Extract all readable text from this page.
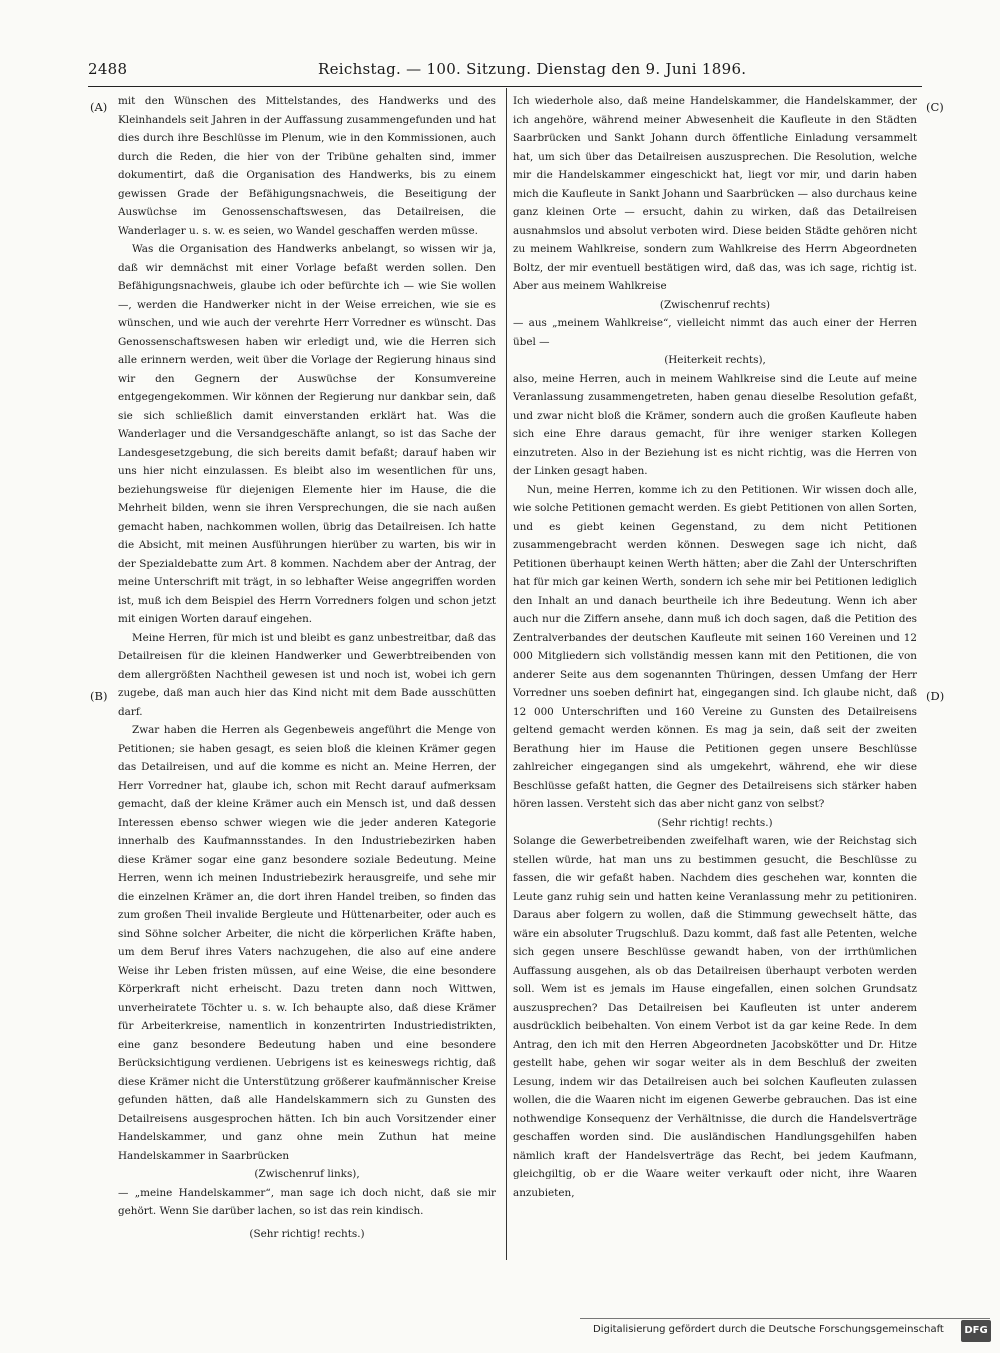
2488	Reichstag. — 100. Sitzung. Dienstag den 9. Juni 1896.
(A)
(B)
(C)
(D)

mit den Wünschen des Mittelstandes, des Handwerks und des Kleinhandels seit Jahren in der Auffassung zusammengefunden und hat dies durch ihre Beschlüsse im Plenum, wie in den Kommissionen, auch durch die Reden, die hier von der Tribüne gehalten sind, immer dokumentirt, daß die Organisation des Handwerks, bis zu einem gewissen Grade der Befähigungsnachweis, die Beseitigung der Auswüchse im Genossenschaftswesen, das Detailreisen, die Wanderlager u. s. w. es seien, wo Wandel geschaffen werden müsse.

Was die Organisation des Handwerks anbelangt, so wissen wir ja, daß wir demnächst mit einer Vorlage befaßt werden sollen. Den Befähigungsnachweis, glaube ich oder befürchte ich — wie Sie wollen —, werden die Handwerker nicht in der Weise erreichen, wie sie es wünschen, und wie auch der verehrte Herr Vorredner es wünscht. Das Genossenschaftswesen haben wir erledigt und, wie die Herren sich alle erinnern werden, weit über die Vorlage der Regierung hinaus sind wir den Gegnern der Auswüchse der Konsumvereine entgegengekommen. Wir können der Regierung nur dankbar sein, daß sie sich schließlich damit einverstanden erklärt hat. Was die Wanderlager und die Versandgeschäfte anlangt, so ist das Sache der Landesgesetzgebung, die sich bereits damit befaßt; darauf haben wir uns hier nicht einzulassen. Es bleibt also im wesentlichen für uns, beziehungsweise für diejenigen Elemente hier im Hause, die die Mehrheit bilden, wenn sie ihren Versprechungen, die sie nach außen gemacht haben, nachkommen wollen, übrig das Detailreisen. Ich hatte die Absicht, mit meinen Ausführungen hierüber zu warten, bis wir in der Spezialdebatte zum Art. 8 kommen. Nachdem aber der Antrag, der meine Unterschrift mit trägt, in so lebhafter Weise angegriffen worden ist, muß ich dem Beispiel des Herrn Vorredners folgen und schon jetzt mit einigen Worten darauf eingehen.

Meine Herren, für mich ist und bleibt es ganz unbestreitbar, daß das Detailreisen für die kleinen Handwerker und Gewerbtreibenden von dem allergrößten Nachtheil gewesen ist und noch ist, wobei ich gern zugebe, daß man auch hier das Kind nicht mit dem Bade ausschütten darf.

Zwar haben die Herren als Gegenbeweis angeführt die Menge von Petitionen; sie haben gesagt, es seien bloß die kleinen Krämer gegen das Detailreisen, und auf die komme es nicht an. Meine Herren, der Herr Vorredner hat, glaube ich, schon mit Recht darauf aufmerksam gemacht, daß der kleine Krämer auch ein Mensch ist, und daß dessen Interessen ebenso schwer wiegen wie die jeder anderen Kategorie innerhalb des Kaufmannsstandes. In den Industriebezirken haben diese Krämer sogar eine ganz besondere soziale Bedeutung. Meine Herren, wenn ich meinen Industriebezirk herausgreife, und sehe mir die einzelnen Krämer an, die dort ihren Handel treiben, so finden das zum großen Theil invalide Bergleute und Hüttenarbeiter, oder auch es sind Söhne solcher Arbeiter, die nicht die körperlichen Kräfte haben, um dem Beruf ihres Vaters nachzugehen, die also auf eine andere Weise ihr Leben fristen müssen, auf eine Weise, die eine besondere Körperkraft nicht erheischt. Dazu treten dann noch Wittwen, unverheiratete Töchter u. s. w. Ich behaupte also, daß diese Krämer für Arbeiterkreise, namentlich in konzentrirten Industriedistrikten, eine ganz besondere Bedeutung haben und eine besondere Berücksichtigung verdienen. Uebrigens ist es keineswegs richtig, daß diese Krämer nicht die Unterstützung größerer kaufmännischer Kreise gefunden hätten, daß alle Handelskammern sich zu Gunsten des Detailreisens ausgesprochen hätten. Ich bin auch Vorsitzender einer Handelskammer, und ganz ohne mein Zuthun hat meine Handelskammer in Saarbrücken

(Zwischenruf links),

— „meine Handelskammer“, man sage ich doch nicht, daß sie mir gehört. Wenn Sie darüber lachen, so ist das rein kindisch.

(Sehr richtig! rechts.)

Ich wiederhole also, daß meine Handelskammer, die Handelskammer, der ich angehöre, während meiner Abwesenheit die Kaufleute in den Städten Saarbrücken und Sankt Johann durch öffentliche Einladung versammelt hat, um sich über das Detailreisen auszusprechen. Die Resolution, welche mir die Handelskammer eingeschickt hat, liegt vor mir, und darin haben mich die Kaufleute in Sankt Johann und Saarbrücken — also durchaus keine ganz kleinen Orte — ersucht, dahin zu wirken, daß das Detailreisen ausnahmslos und absolut verboten wird. Diese beiden Städte gehören nicht zu meinem Wahlkreise, sondern zum Wahlkreise des Herrn Abgeordneten Boltz, der mir eventuell bestätigen wird, daß das, was ich sage, richtig ist. Aber aus meinem Wahlkreise

(Zwischenruf rechts)

— aus „meinem Wahlkreise“, vielleicht nimmt das auch einer der Herren übel —

(Heiterkeit rechts),

also, meine Herren, auch in meinem Wahlkreise sind die Leute auf meine Veranlassung zusammengetreten, haben genau dieselbe Resolution gefaßt, und zwar nicht bloß die Krämer, sondern auch die großen Kaufleute haben sich eine Ehre daraus gemacht, für ihre weniger starken Kollegen einzutreten. Also in der Beziehung ist es nicht richtig, was die Herren von der Linken gesagt haben.

Nun, meine Herren, komme ich zu den Petitionen. Wir wissen doch alle, wie solche Petitionen gemacht werden. Es giebt Petitionen von allen Sorten, und es giebt keinen Gegenstand, zu dem nicht Petitionen zusammengebracht werden können. Deswegen sage ich nicht, daß Petitionen überhaupt keinen Werth hätten; aber die Zahl der Unterschriften hat für mich gar keinen Werth, sondern ich sehe mir bei Petitionen lediglich den Inhalt an und danach beurtheile ich ihre Bedeutung. Wenn ich aber auch nur die Ziffern ansehe, dann muß ich doch sagen, daß die Petition des Zentralverbandes der deutschen Kaufleute mit seinen 160 Vereinen und 12 000 Mitgliedern sich vollständig messen kann mit den Petitionen, die von anderer Seite aus dem sogenannten Thüringen, dessen Umfang der Herr Vorredner uns soeben definirt hat, eingegangen sind. Ich glaube nicht, daß 12 000 Unterschriften und 160 Vereine zu Gunsten des Detailreisens geltend gemacht werden können. Es mag ja sein, daß seit der zweiten Berathung hier im Hause die Petitionen gegen unsere Beschlüsse zahlreicher eingegangen sind als umgekehrt, während, ehe wir diese Beschlüsse gefaßt hatten, die Gegner des Detailreisens sich stärker haben hören lassen. Versteht sich das aber nicht ganz von selbst?

(Sehr richtig! rechts.)

Solange die Gewerbetreibenden zweifelhaft waren, wie der Reichstag sich stellen würde, hat man uns zu bestimmen gesucht, die Beschlüsse zu fassen, die wir gefaßt haben. Nachdem dies geschehen war, konnten die Leute ganz ruhig sein und hatten keine Veranlassung mehr zu petitioniren. Daraus aber folgern zu wollen, daß die Stimmung gewechselt hätte, das wäre ein absoluter Trugschluß. Dazu kommt, daß fast alle Petenten, welche sich gegen unsere Beschlüsse gewandt haben, von der irrthümlichen Auffassung ausgehen, als ob das Detailreisen überhaupt verboten werden soll. Wem ist es jemals im Hause eingefallen, einen solchen Grundsatz auszusprechen? Das Detailreisen bei Kaufleuten ist unter anderem ausdrücklich beibehalten. Von einem Verbot ist da gar keine Rede. In dem Antrag, den ich mit den Herren Abgeordneten Jacobskötter und Dr. Hitze gestellt habe, gehen wir sogar weiter als in dem Beschluß der zweiten Lesung, indem wir das Detailreisen auch bei solchen Kaufleuten zulassen wollen, die die Waaren nicht im eigenen Gewerbe gebrauchen. Das ist eine nothwendige Konsequenz der Verhältnisse, die durch die Handelsverträge geschaffen worden sind. Die ausländischen Handlungsgehilfen haben nämlich kraft der Handelsverträge das Recht, bei jedem Kaufmann, gleichgiltig, ob er die Waare weiter verkauft oder nicht, ihre Waaren anzubieten,

Digitalisierung gefördert durch die Deutsche Forschungsgemeinschaft	DFG
